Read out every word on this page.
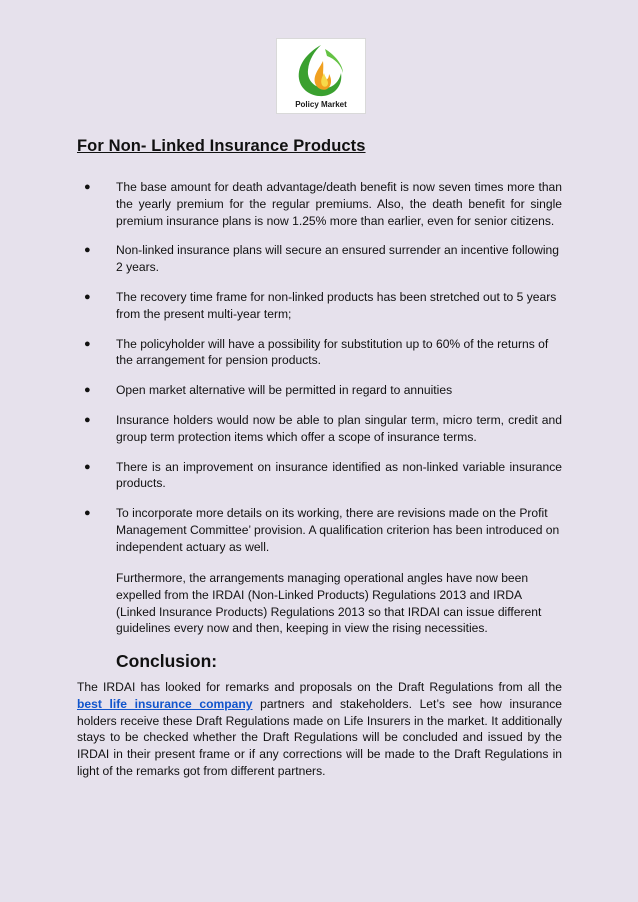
Policy Market
For Non- Linked Insurance Products
● The base amount for death advantage/death benefit is now seven times more than the yearly premium for the regular premiums. Also, the death benefit for single premium insurance plans is now 1.25% more than earlier, even for senior citizens.
● Non-linked insurance plans will secure an ensured surrender an incentive following 2 years.
● The recovery time frame for non-linked products has been stretched out to 5 years from the present multi-year term;
● The policyholder will have a possibility for substitution up to 60% of the returns of the arrangement for pension products.
● Open market alternative will be permitted in regard to annuities
● Insurance holders would now be able to plan singular term, micro term, credit and group term protection items which offer a scope of insurance terms.
● There is an improvement on insurance identified as non-linked variable insurance products.
● To incorporate more details on its working, there are revisions made on the Profit Management Committee’ provision. A qualification criterion has been introduced on independent actuary as well.
Furthermore, the arrangements managing operational angles have now been expelled from the IRDAI (Non-Linked Products) Regulations 2013 and IRDA (Linked Insurance Products) Regulations 2013 so that IRDAI can issue different guidelines every now and then, keeping in view the rising necessities.
Conclusion:
The IRDAI has looked for remarks and proposals on the Draft Regulations from all the best life insurance company partners and stakeholders. Let’s see how insurance holders receive these Draft Regulations made on Life Insurers in the market. It additionally stays to be checked whether the Draft Regulations will be concluded and issued by the IRDAI in their present frame or if any corrections will be made to the Draft Regulations in light of the remarks got from different partners.
